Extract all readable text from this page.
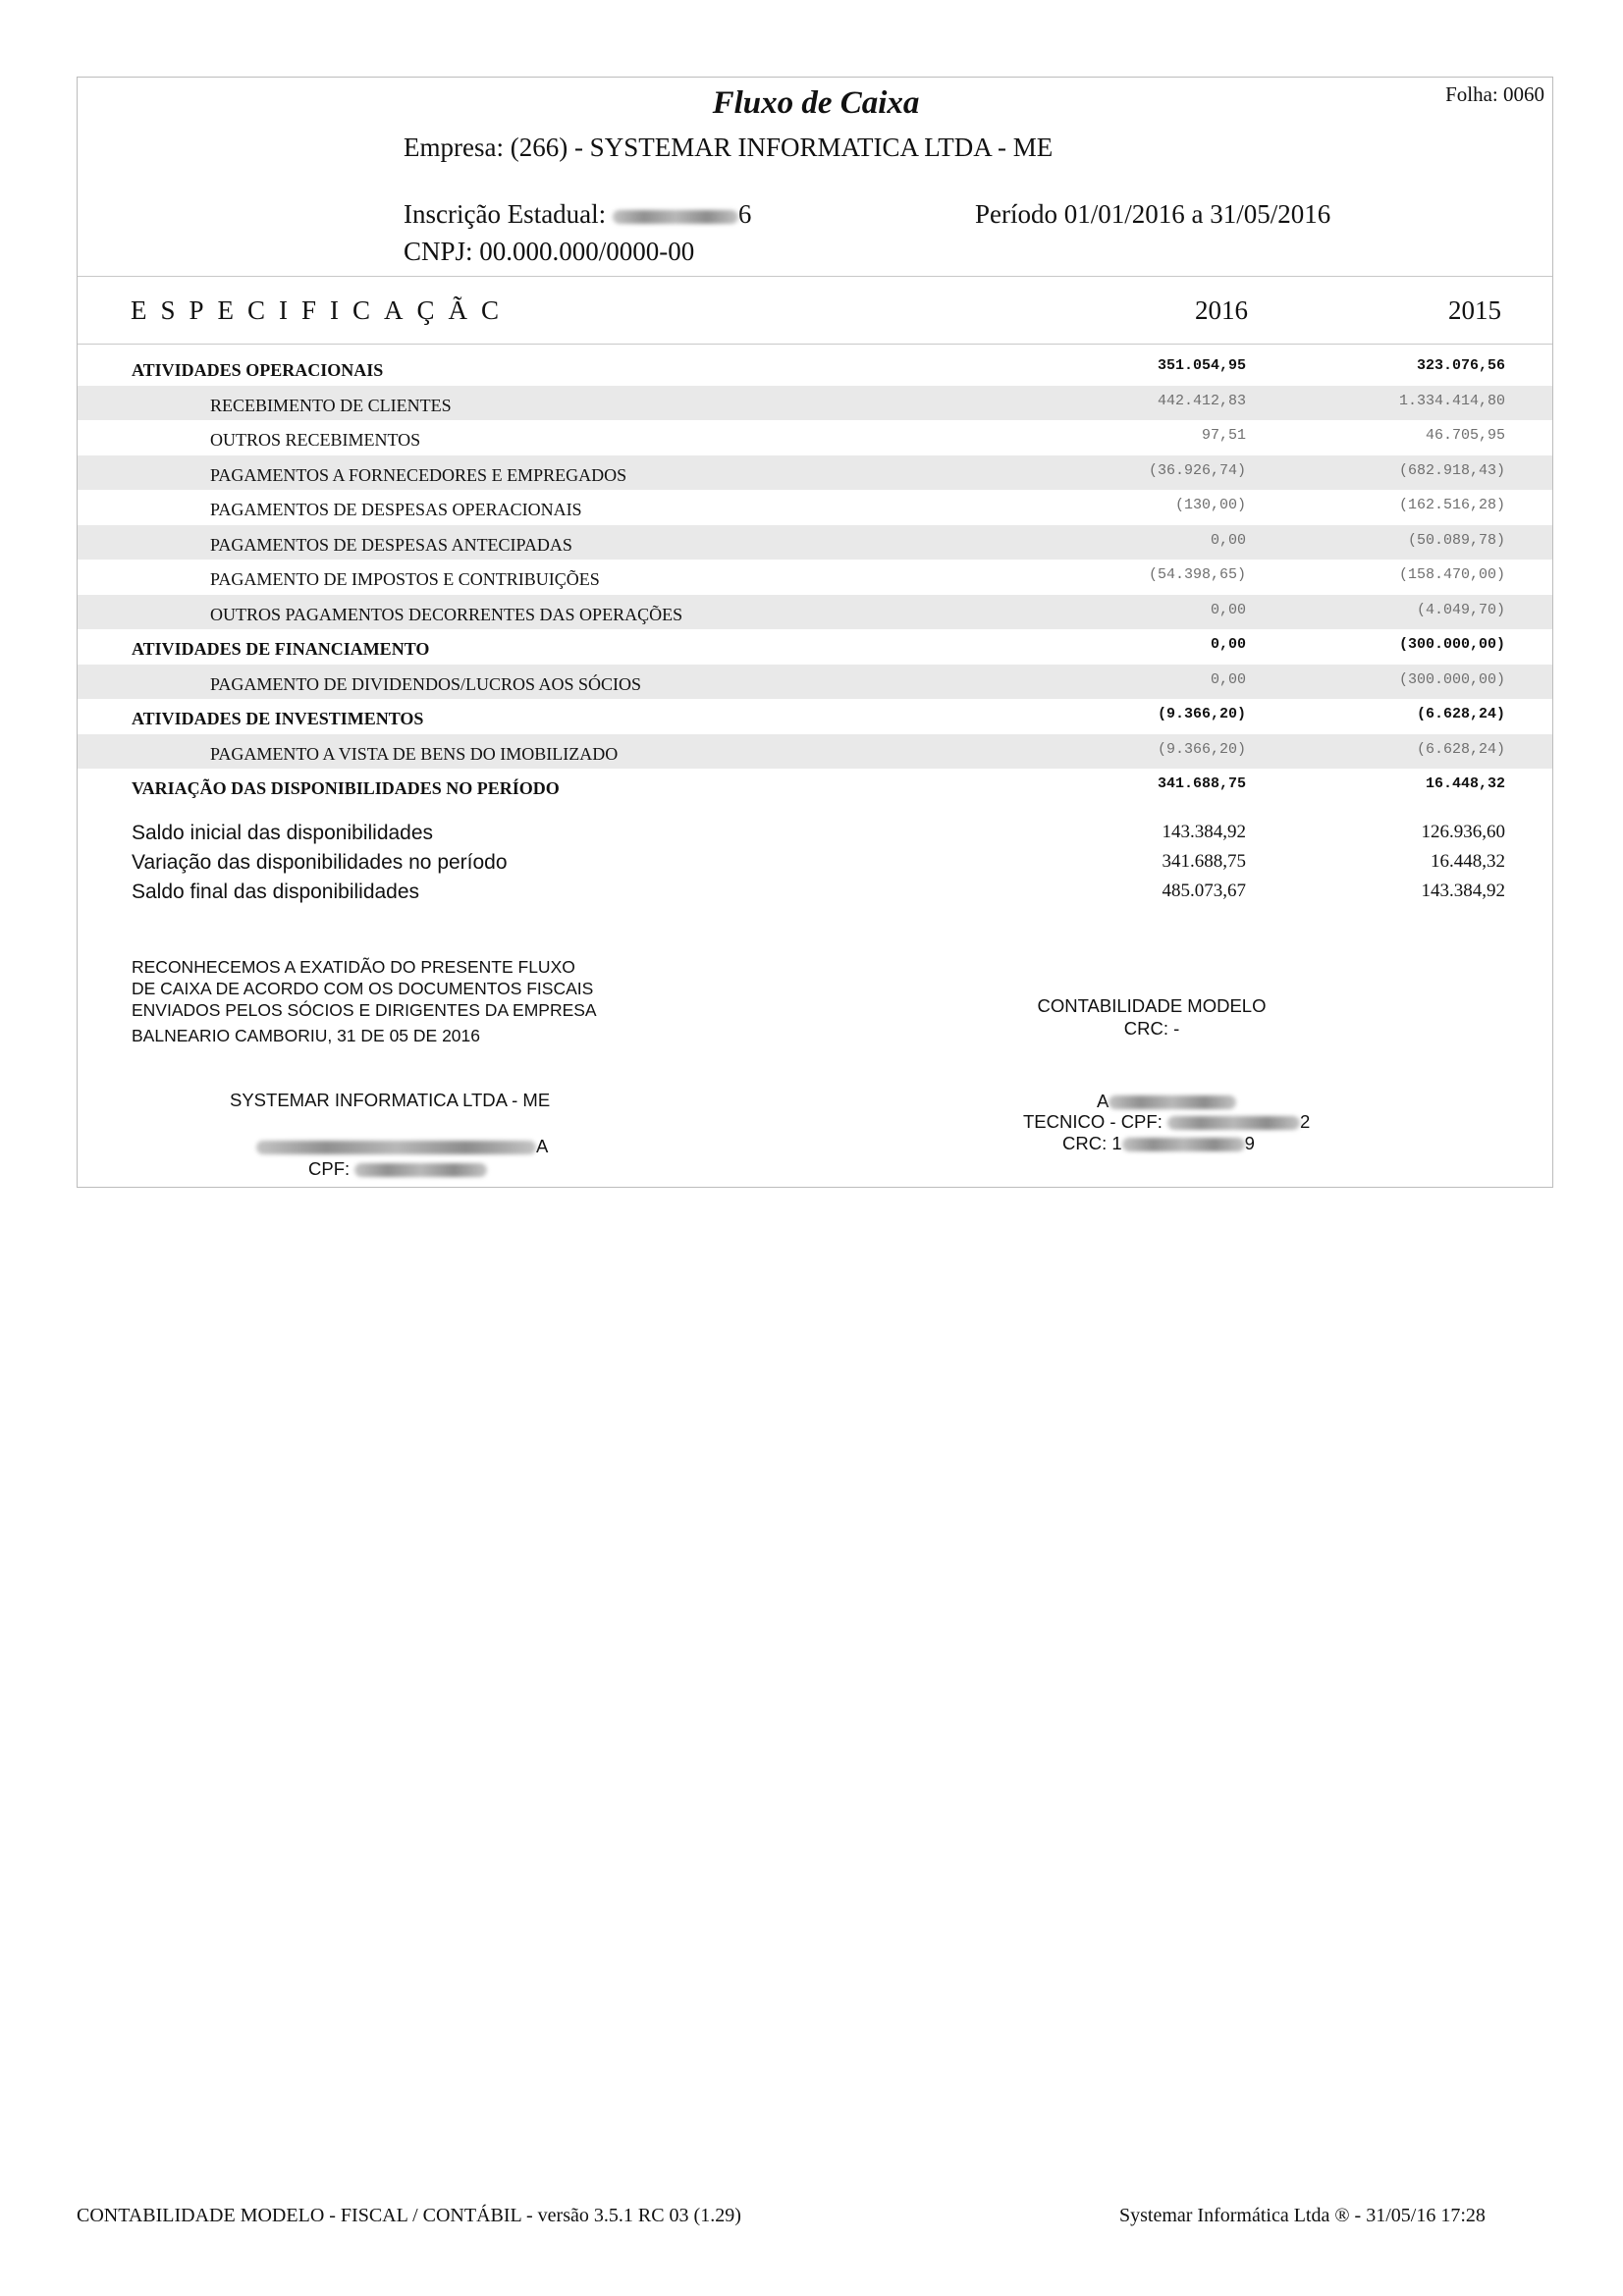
Fluxo de Caixa	Folha: 0060
Empresa: (266) - SYSTEMAR INFORMATICA LTDA - ME
Inscrição Estadual:	6
CNPJ: 00.000.000/0000-00
Período 01/01/2016 a 31/05/2016
ESPECIFICAÇÃC	2016	2015
ATIVIDADES OPERACIONAIS	351.054,95	323.076,56
RECEBIMENTO DE CLIENTES	442.412,83	1.334.414,80
OUTROS RECEBIMENTOS	97,51	46.705,95
PAGAMENTOS A FORNECEDORES E EMPREGADOS	(36.926,74)	(682.918,43)
PAGAMENTOS DE DESPESAS OPERACIONAIS	(130,00)	(162.516,28)
PAGAMENTOS DE DESPESAS ANTECIPADAS	0,00	(50.089,78)
PAGAMENTO DE IMPOSTOS E CONTRIBUIÇÕES	(54.398,65)	(158.470,00)
OUTROS PAGAMENTOS DECORRENTES DAS OPERAÇÕES	0,00	(4.049,70)
ATIVIDADES DE FINANCIAMENTO	0,00	(300.000,00)
PAGAMENTO DE DIVIDENDOS/LUCROS AOS SÓCIOS	0,00	(300.000,00)
ATIVIDADES DE INVESTIMENTOS	(9.366,20)	(6.628,24)
PAGAMENTO A VISTA DE BENS DO IMOBILIZADO	(9.366,20)	(6.628,24)
VARIAÇÃO DAS DISPONIBILIDADES NO PERÍODO	341.688,75	16.448,32
Saldo inicial das disponibilidades	143.384,92	126.936,60
Variação das disponibilidades no período	341.688,75	16.448,32
Saldo final das disponibilidades	485.073,67	143.384,92
RECONHECEMOS A EXATIDÃO DO PRESENTE FLUXO
DE CAIXA DE ACORDO COM OS DOCUMENTOS FISCAIS
ENVIADOS PELOS SÓCIOS E DIRIGENTES DA EMPRESA
BALNEARIO CAMBORIU, 31 DE 05 DE 2016
CONTABILIDADE MODELO
CRC: -
SYSTEMAR INFORMATICA LTDA - ME
A
CPF:
A
TECNICO - CPF:	2
CRC: 1	9
CONTABILIDADE MODELO - FISCAL / CONTÁBIL - versão 3.5.1 RC 03 (1.29)	Systemar Informática Ltda ® - 31/05/16 17:28
